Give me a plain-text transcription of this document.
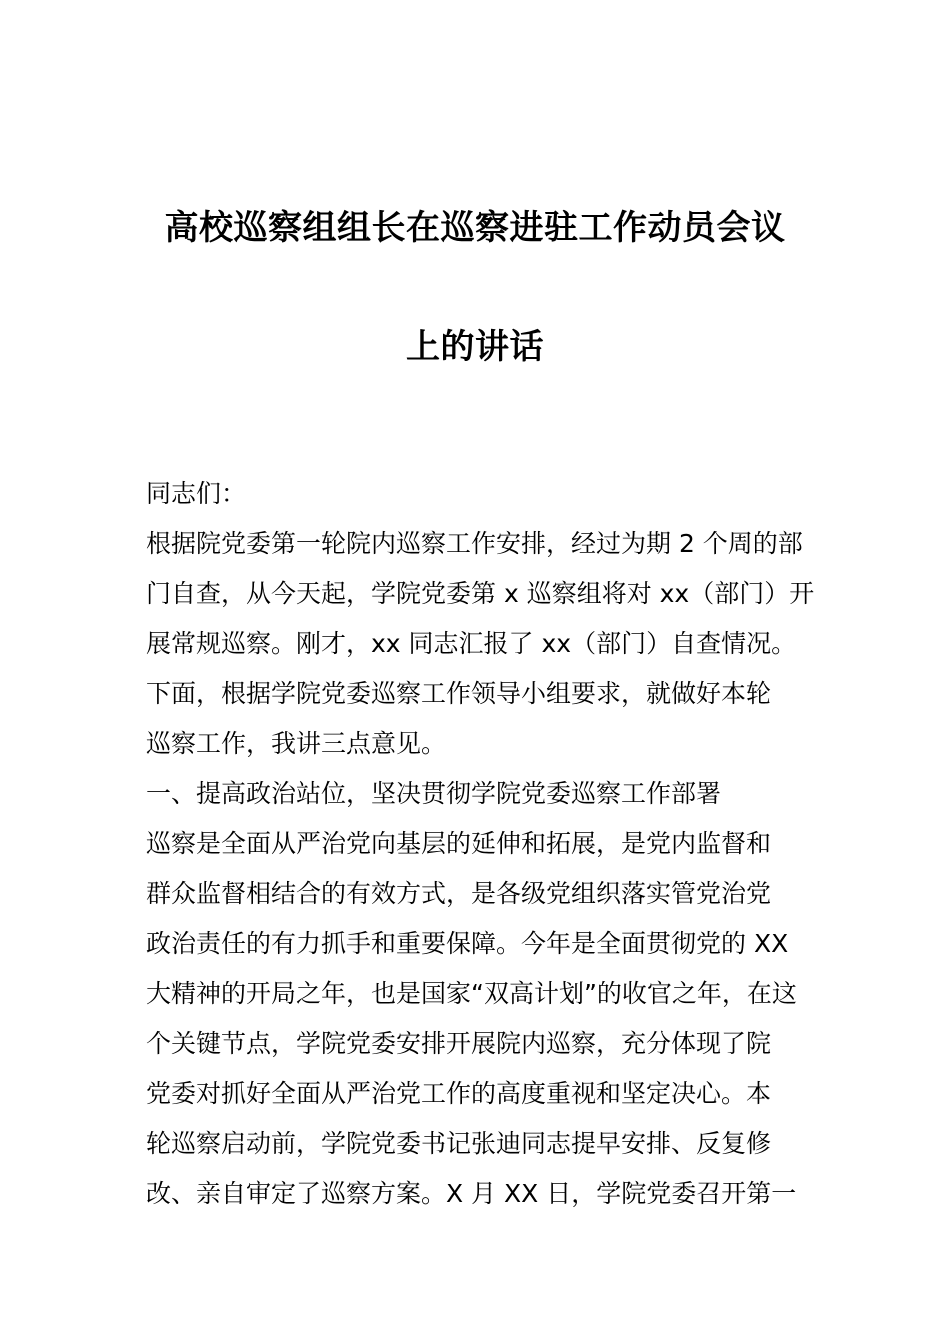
高校巡察组组长在巡察进驻工作动员会议
上的讲话
同志们：
根据院党委第一轮院内巡察工作安排，经过为期 2 个周的部
门自查，从今天起，学院党委第 x 巡察组将对 xx（部门）开
展常规巡察。刚才，xx 同志汇报了 xx（部门）自查情况。
下面，根据学院党委巡察工作领导小组要求，就做好本轮
巡察工作，我讲三点意见。
一、提高政治站位，坚决贯彻学院党委巡察工作部署
巡察是全面从严治党向基层的延伸和拓展，是党内监督和
群众监督相结合的有效方式，是各级党组织落实管党治党
政治责任的有力抓手和重要保障。今年是全面贯彻党的 XX
大精神的开局之年，也是国家“双高计划”的收官之年，在这
个关键节点，学院党委安排开展院内巡察，充分体现了院
党委对抓好全面从严治党工作的高度重视和坚定决心。本
轮巡察启动前，学院党委书记张迪同志提早安排、反复修
改、亲自审定了巡察方案。X 月 XX 日，学院党委召开第一
